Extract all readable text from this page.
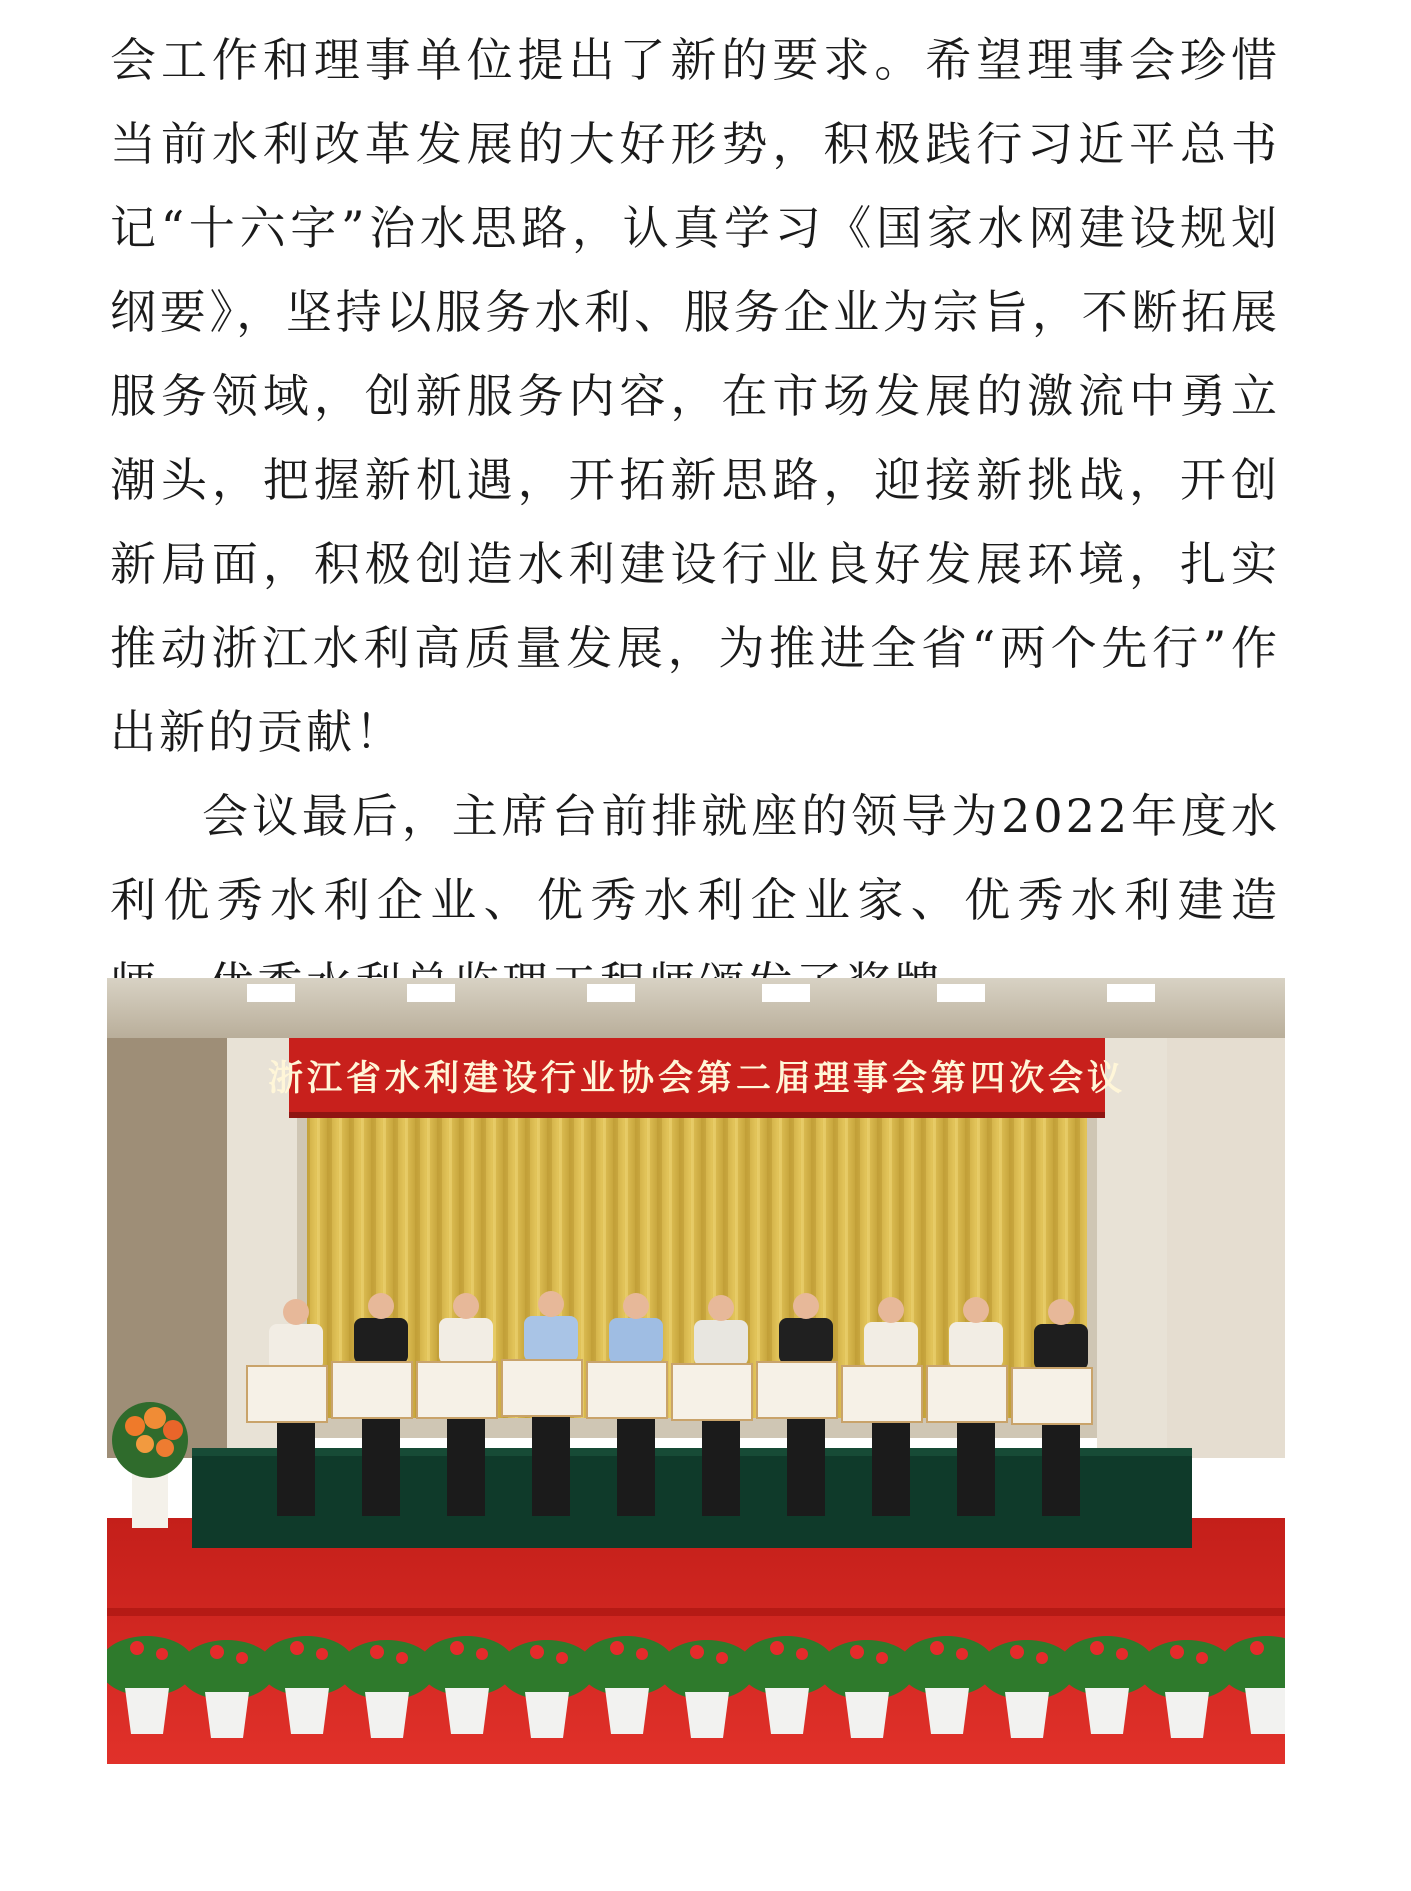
会工作和理事单位提出了新的要求。希望理事会珍惜当前水利改革发展的大好形势，积极践行习近平总书记“十六字”治水思路，认真学习《国家水网建设规划纲要》，坚持以服务水利、服务企业为宗旨，不断拓展服务领域，创新服务内容，在市场发展的激流中勇立潮头，把握新机遇，开拓新思路，迎接新挑战，开创新局面，积极创造水利建设行业良好发展环境，扎实推动浙江水利高质量发展，为推进全省“两个先行”作出新的贡献！

会议最后，主席台前排就座的领导为2022年度水利优秀水利企业、优秀水利企业家、优秀水利建造

浙江省水利建设行业协会第二届理事会第四次会议
